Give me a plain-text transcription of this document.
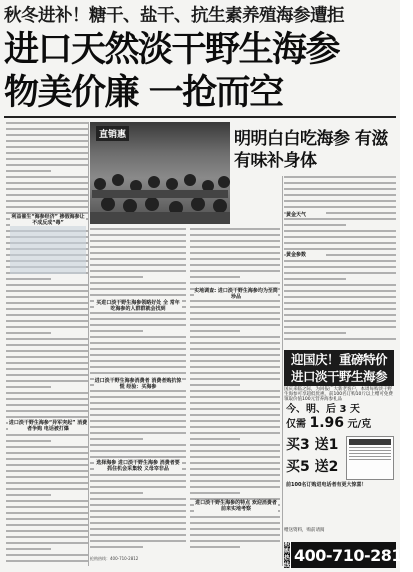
秋冬进补！糖干、盐干、抗生素养殖海参遭拒
进口天然淡干野生海参
物美价廉 一抢而空
利益催生“海参经济” 掺假海参让不成反成“毒”
进口淡干野生海参“异军突起” 消费者争购 电话被打爆
直销惠	明明白白吃海参 有滋有味补身体
买进口淡干野生海参领略好处 全 常年吃海参的人群群就会找到
实地调查: 进口淡干野生海参均为至简珍品
进口淡干野生海参消费者 消费者购抗惊慌 经验：买海参
选择海参 进口淡干野生海参 消费者要抓住机会采集较 义母宰非品
进口淡干野生海参的特点 欢迎消费者前来实地考察
黄金天气
黄金参数
迎国庆！重磅特价
进口淡干野生海参
国庆来临之际，为回报广大新老客户，本周每购淡干野生海参可享超低优惠，前100名订购10斤以上赠可免费领取价值100元营养海参礼品
今、明、后 3 天
仅需 1.96 元/克
买3 送1
买5 送2
前100名订购进电话者有更大惊喜！
赠送资料，购前请阅
抢购热线
400-710-2812
抢购热线：400-710-2812
